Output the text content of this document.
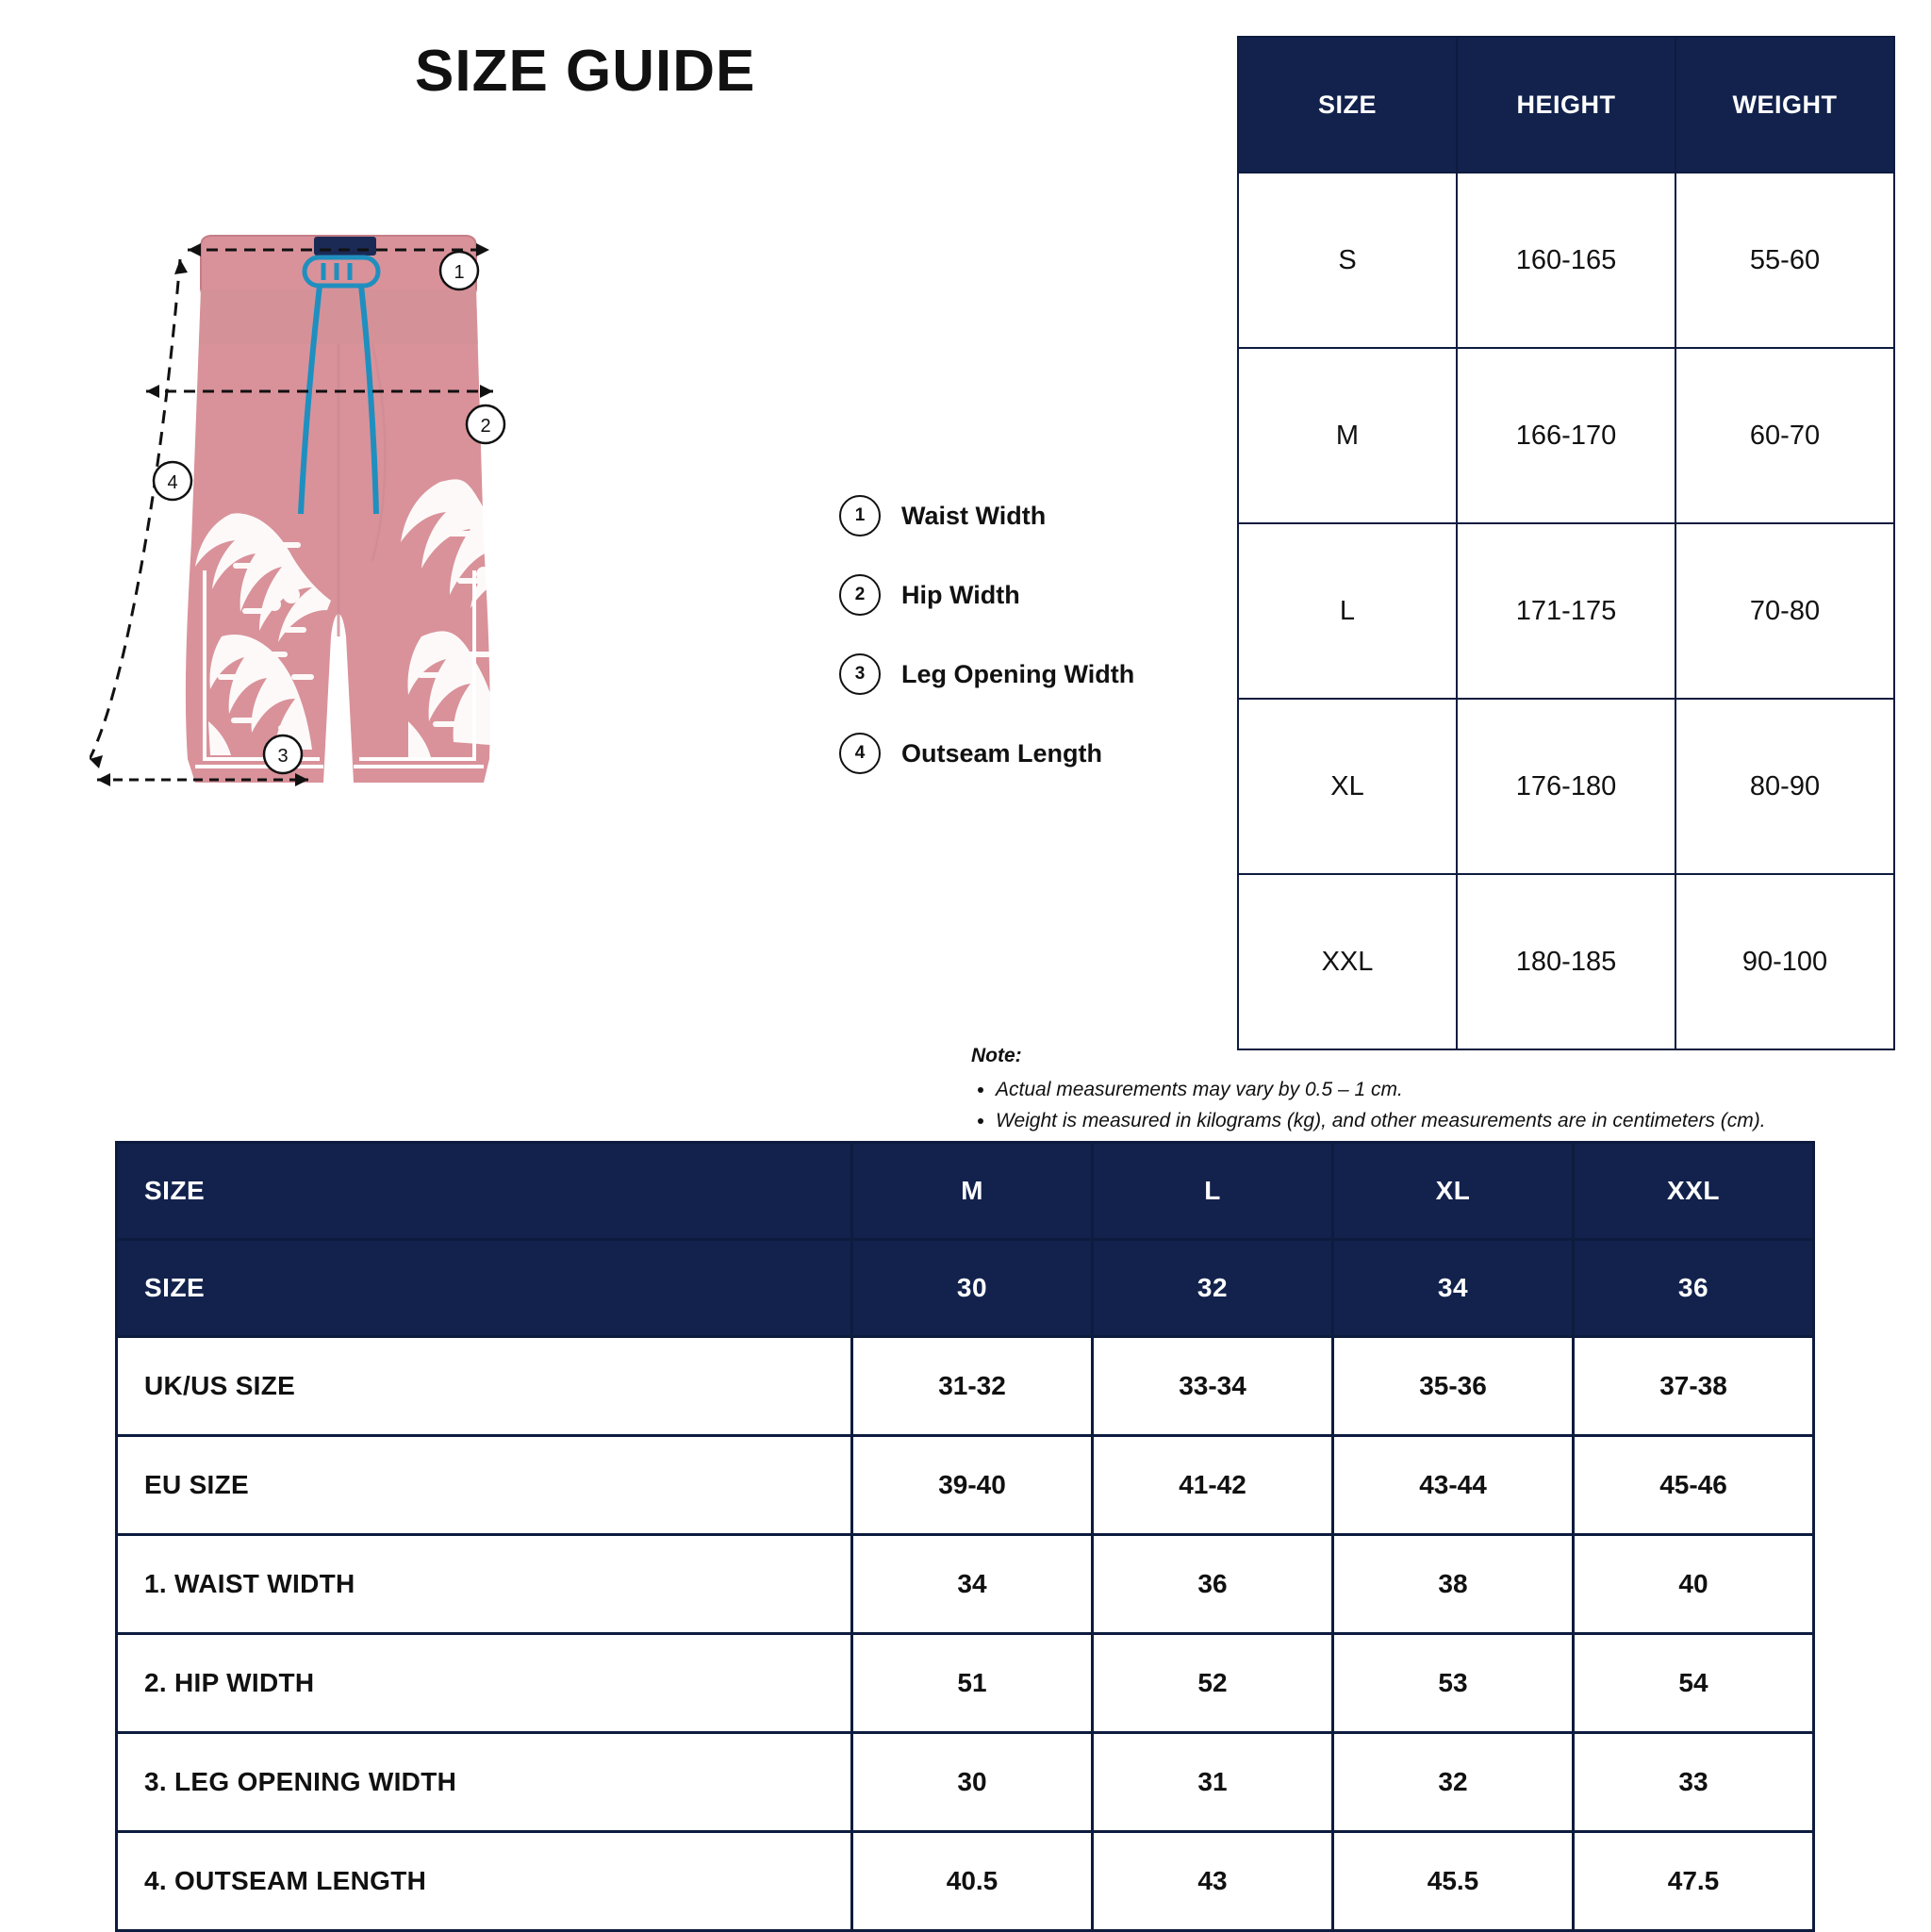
SIZE GUIDE
1
2
4
3
1	Waist Width
2	Hip Width
3	Leg Opening Width
4	Outseam Length
SIZE	HEIGHT	WEIGHT
S	160-165	55-60
M	166-170	60-70
L	171-175	70-80
XL	176-180	80-90
XXL	180-185	90-100
Note:
• Actual measurements may vary by 0.5 – 1 cm.
• Weight is measured in kilograms (kg), and other measurements are in centimeters (cm).
SIZE	M	L	XL	XXL
SIZE	30	32	34	36
UK/US SIZE	31-32	33-34	35-36	37-38
EU SIZE	39-40	41-42	43-44	45-46
1. WAIST WIDTH	34	36	38	40
2. HIP WIDTH	51	52	53	54
3. LEG OPENING WIDTH	30	31	32	33
4. OUTSEAM LENGTH	40.5	43	45.5	47.5
